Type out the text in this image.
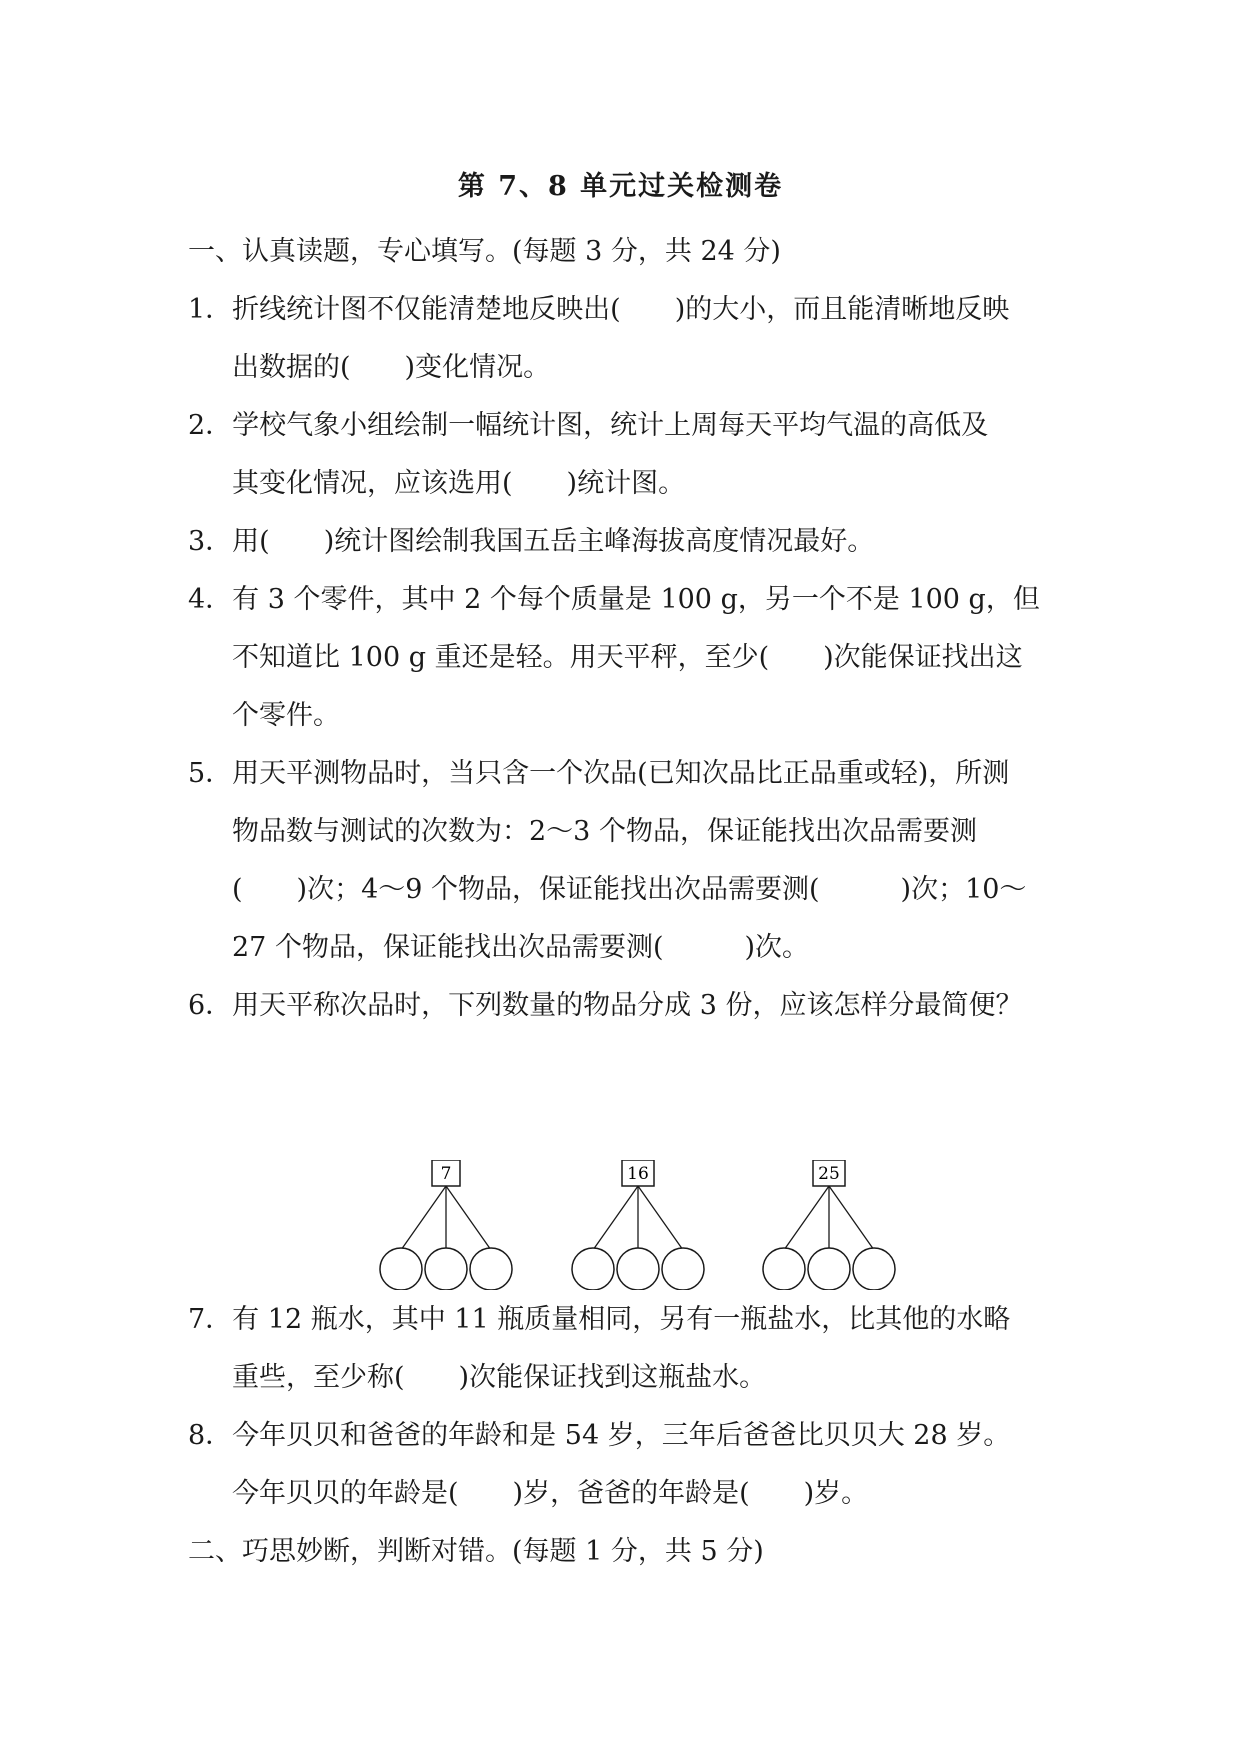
第 7、8 单元过关检测卷
一、认真读题，专心填写。(每题 3 分，共 24 分)
1．折线统计图不仅能清楚地反映出(　　)的大小，而且能清晰地反映
出数据的(　　)变化情况。
2．学校气象小组绘制一幅统计图，统计上周每天平均气温的高低及
其变化情况，应该选用(　　)统计图。
3．用(　　)统计图绘制我国五岳主峰海拔高度情况最好。
4．有 3 个零件，其中 2 个每个质量是 100 g，另一个不是 100 g，但
不知道比 100 g 重还是轻。用天平秤，至少(　　)次能保证找出这
个零件。
5．用天平测物品时，当只含一个次品(已知次品比正品重或轻)，所测
物品数与测试的次数为：2～3 个物品，保证能找出次品需要测
(　　)次；4～9 个物品，保证能找出次品需要测(　　　)次；10～
27 个物品，保证能找出次品需要测(　　　)次。
6．用天平称次品时，下列数量的物品分成 3 份，应该怎样分最简便？
7	16	25
7．有 12 瓶水，其中 11 瓶质量相同，另有一瓶盐水，比其他的水略
重些，至少称(　　)次能保证找到这瓶盐水。
8．今年贝贝和爸爸的年龄和是 54 岁，三年后爸爸比贝贝大 28 岁。
今年贝贝的年龄是(　　)岁，爸爸的年龄是(　　)岁。
二、巧思妙断，判断对错。(每题 1 分，共 5 分)
